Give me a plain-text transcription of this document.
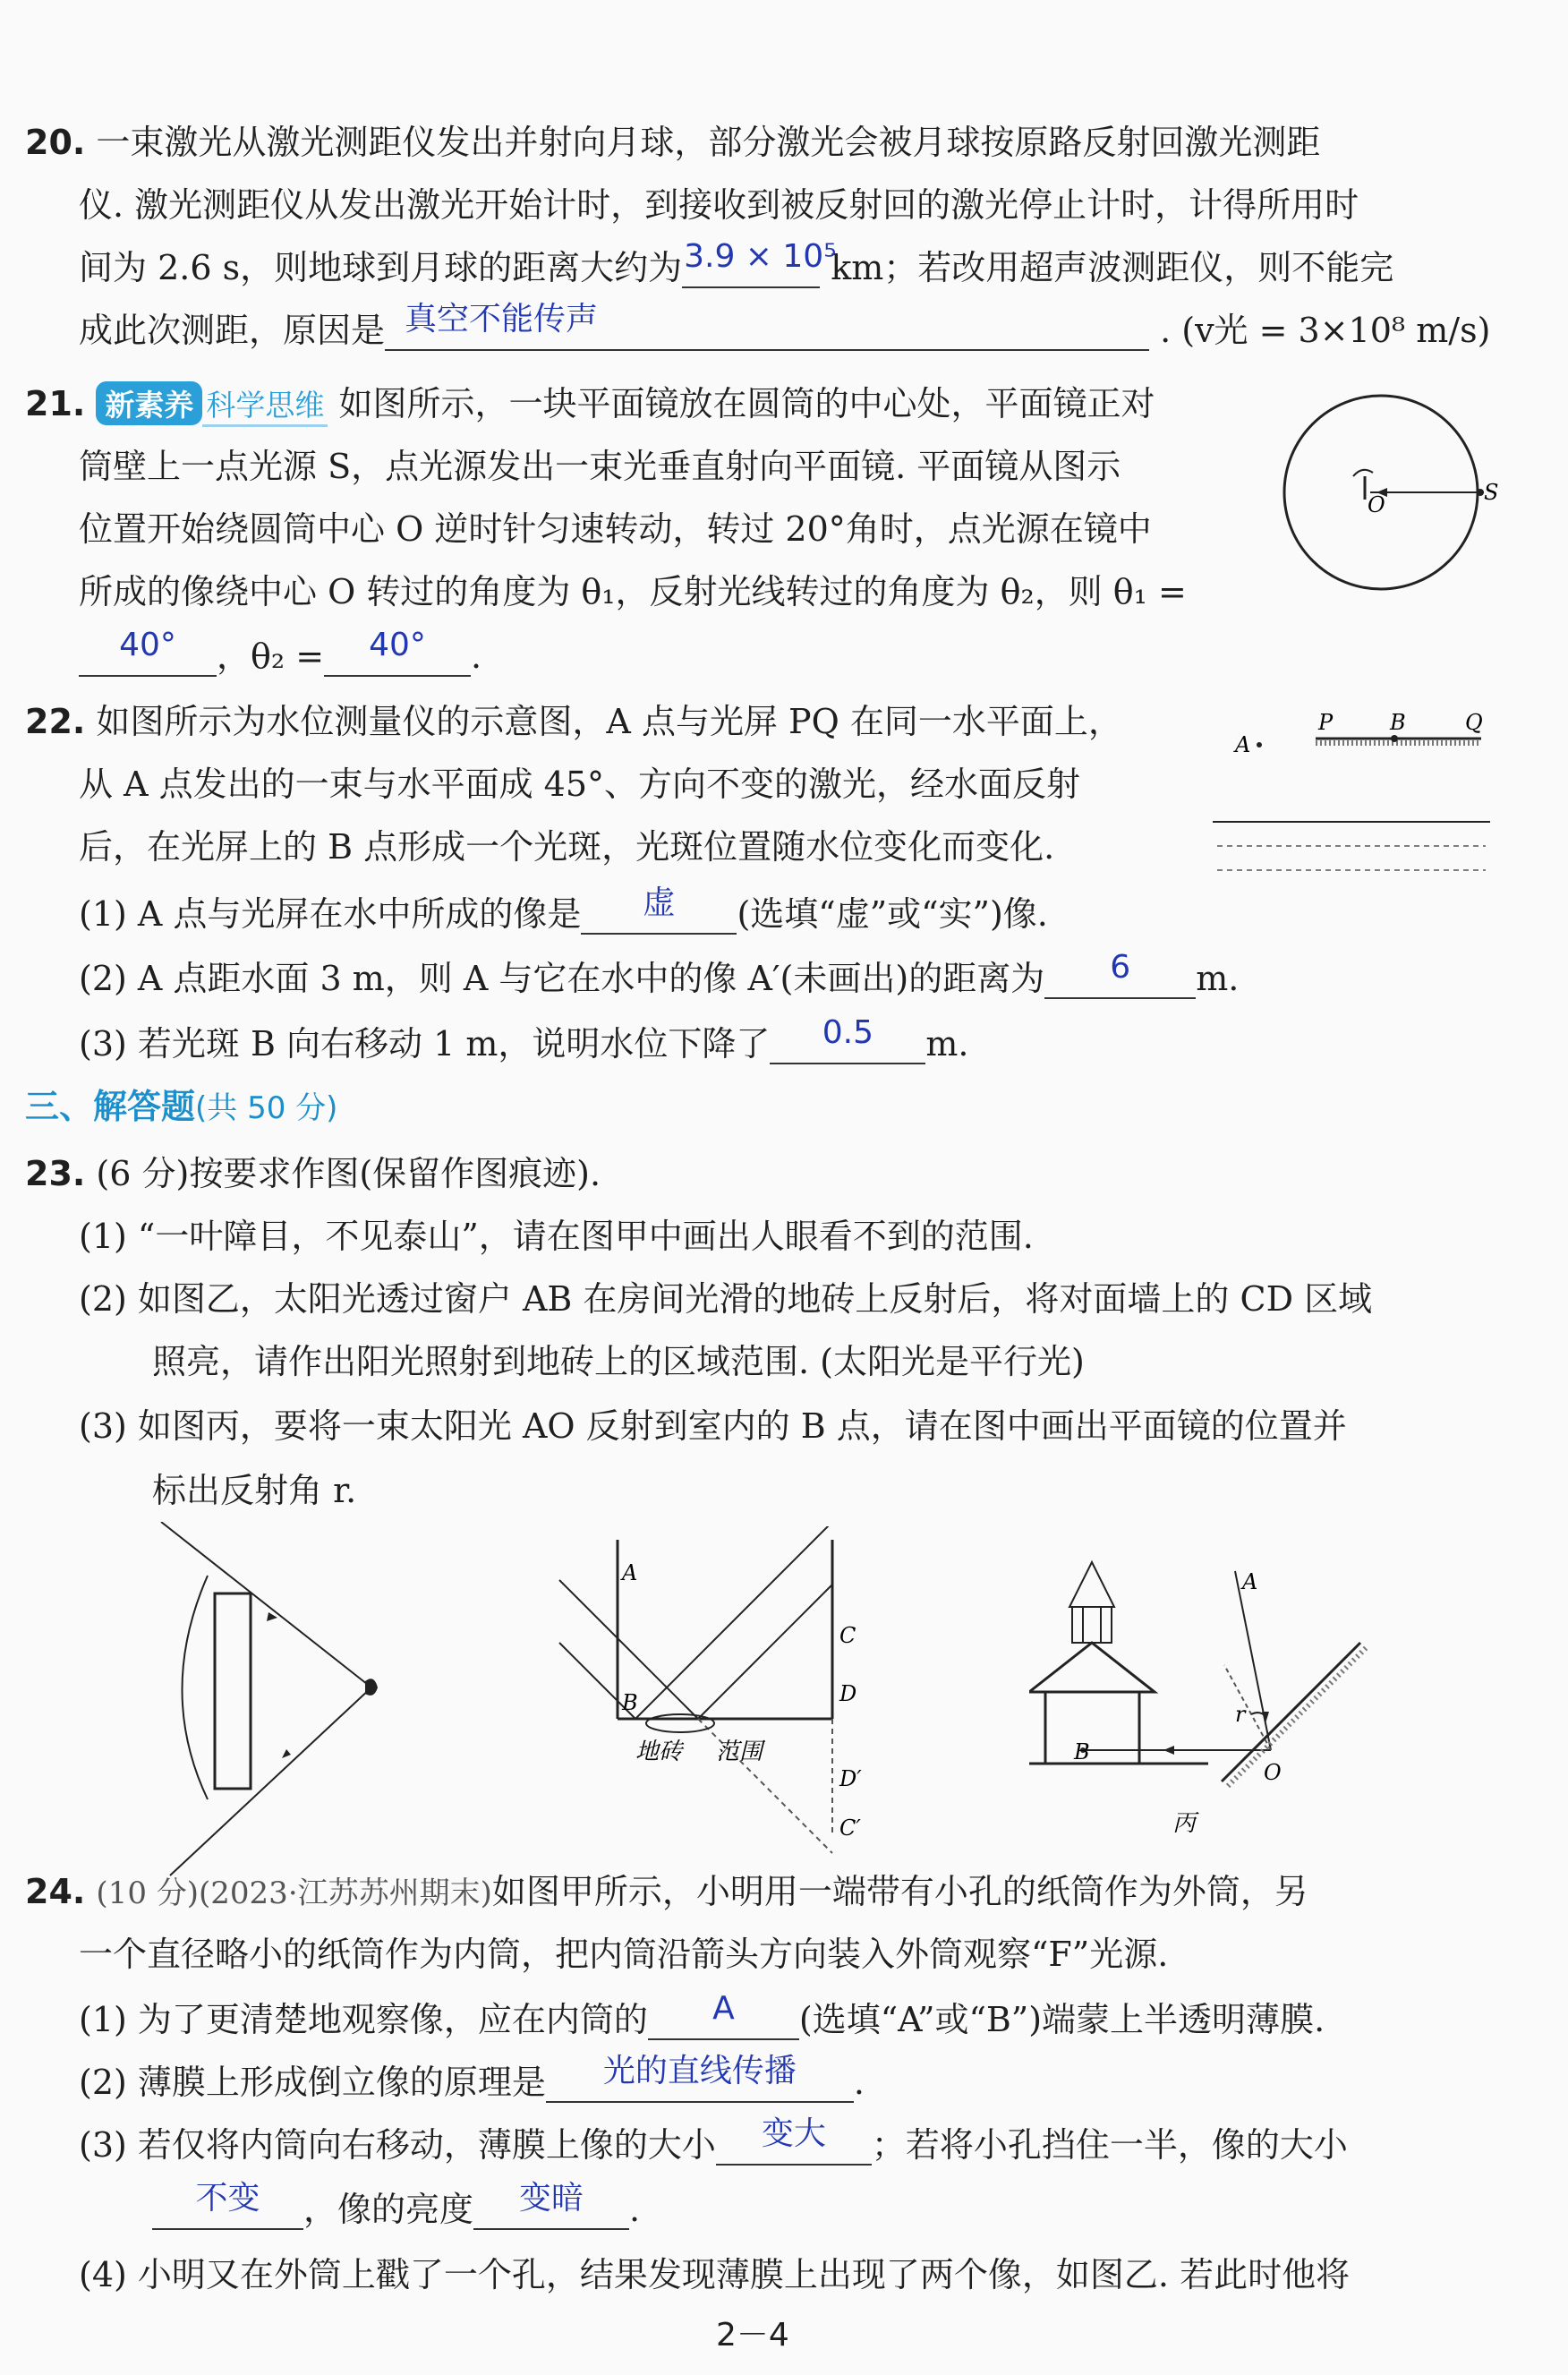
20. 一束激光从激光测距仪发出并射向月球，部分激光会被月球按原路反射回激光测距
仪. 激光测距仪从发出激光开始计时，到接收到被反射回的激光停止计时，计得所用时
间为 2.6 s，则地球到月球的距离大约为3.9 × 10⁵ km；若改用超声波测距仪，则不能完
成此次测距，原因是 真空不能传声	. (v光 = 3×10⁸ m/s)
21. 新素养 科学思维 如图所示，一块平面镜放在圆筒的中心处，平面镜正对
筒壁上一点光源 S，点光源发出一束光垂直射向平面镜. 平面镜从图示
位置开始绕圆筒中心 O 逆时针匀速转动，转过 20°角时，点光源在镜中
所成的像绕中心 O 转过的角度为 θ₁，反射光线转过的角度为 θ₂，则 θ₁ =
40° ，θ₂ = 40° .
O	S
22. 如图所示为水位测量仪的示意图，A 点与光屏 PQ 在同一水平面上，
从 A 点发出的一束与水平面成 45°、方向不变的激光，经水面反射
后，在光屏上的 B 点形成一个光斑，光斑位置随水位变化而变化.
(1) A 点与光屏在水中所成的像是 虚 (选填“虚”或“实”)像.
(2) A 点距水面 3 m，则 A 与它在水中的像 A′(未画出)的距离为 6 m.
(3) 若光斑 B 向右移动 1 m，说明水位下降了 0.5 m.
A
P	B	Q
三、解答题(共 50 分)
23. (6 分)按要求作图(保留作图痕迹).
(1) “一叶障目，不见泰山”，请在图甲中画出人眼看不到的范围.
(2) 如图乙，太阳光透过窗户 AB 在房间光滑的地砖上反射后，将对面墙上的 CD 区域
照亮，请作出阳光照射到地砖上的区域范围. (太阳光是平行光)
(3) 如图丙，要将一束太阳光 AO 反射到室内的 B 点，请在图中画出平面镜的位置并
标出反射角 r.
A
B
C
D
D′
C′
地砖 范围
A
B
O
r
丙
24. (10 分)(2023·江苏苏州期末)如图甲所示，小明用一端带有小孔的纸筒作为外筒，另
一个直径略小的纸筒作为内筒，把内筒沿箭头方向装入外筒观察“F”光源.
(1) 为了更清楚地观察像，应在内筒的 A (选填“A”或“B”)端蒙上半透明薄膜.
(2) 薄膜上形成倒立像的原理是 光的直线传播 .
(3) 若仅将内筒向右移动，薄膜上像的大小 变大 ；若将小孔挡住一半，像的大小
不变 ，像的亮度 变暗 .
(4) 小明又在外筒上戳了一个孔，结果发现薄膜上出现了两个像，如图乙. 若此时他将
2－4
